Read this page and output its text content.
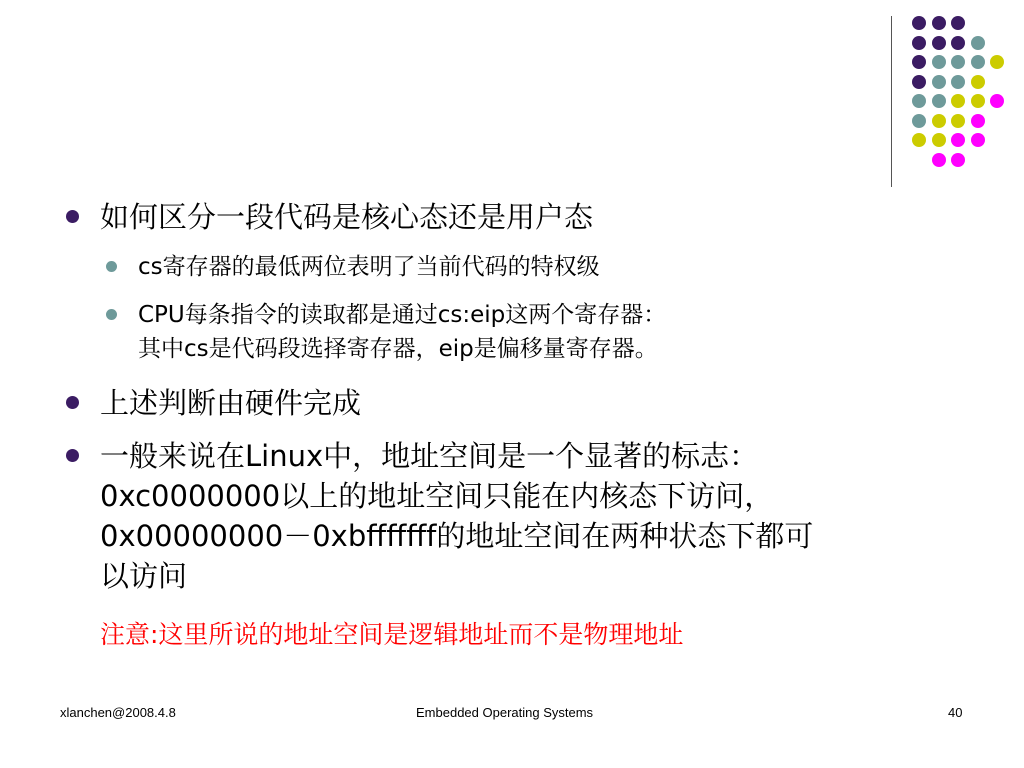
如何区分一段代码是核心态还是用户态
cs寄存器的最低两位表明了当前代码的特权级
CPU每条指令的读取都是通过cs:eip这两个寄存器：
其中cs是代码段选择寄存器，eip是偏移量寄存器。
上述判断由硬件完成
一般来说在Linux中，地址空间是一个显著的标志：
0xc0000000以上的地址空间只能在内核态下访问，
0x00000000－0xbfffffff的地址空间在两种状态下都可
以访问
注意:这里所说的地址空间是逻辑地址而不是物理地址
xlanchen@2008.4.8	Embedded Operating Systems	40
